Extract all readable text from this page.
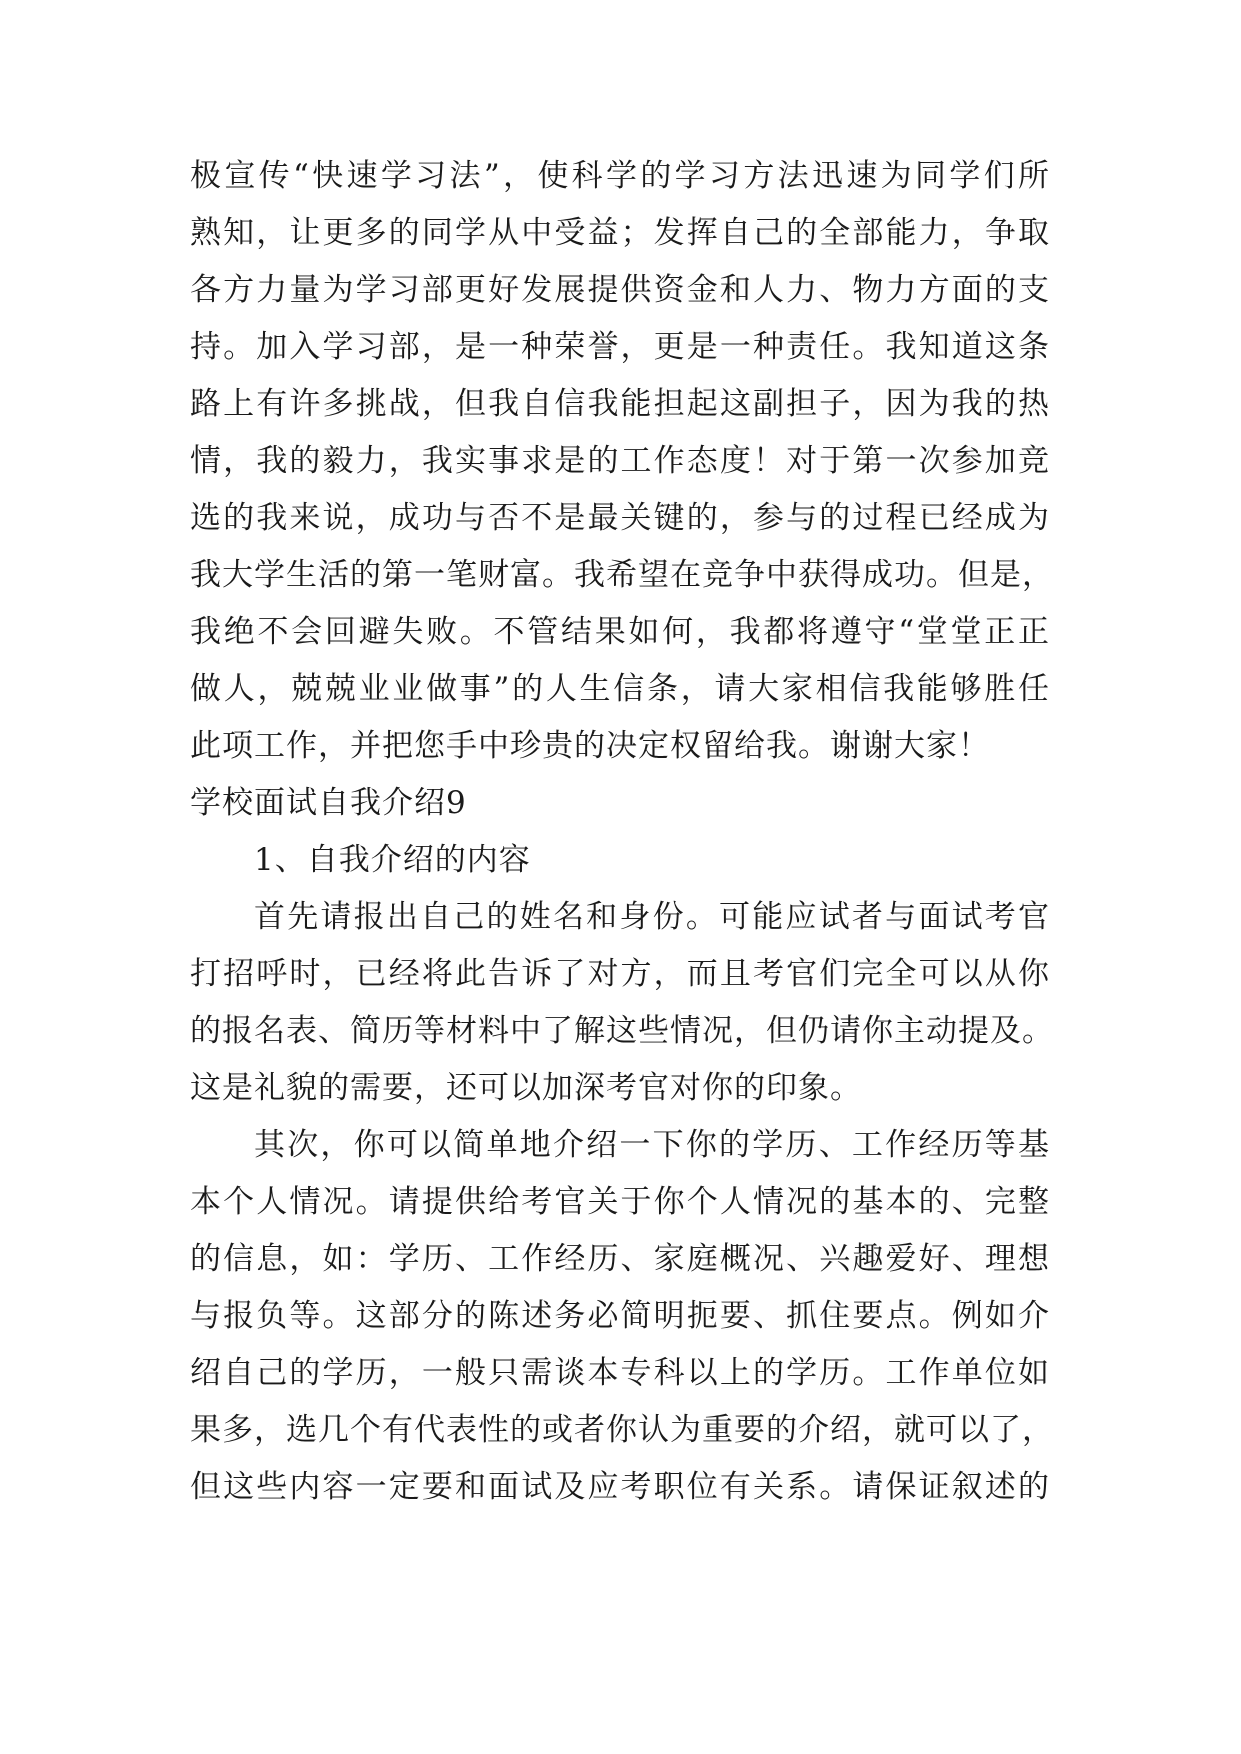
极宣传“快速学习法”，使科学的学习方法迅速为同学们所
熟知，让更多的同学从中受益；发挥自己的全部能力，争取
各方力量为学习部更好发展提供资金和人力、物力方面的支
持。加入学习部，是一种荣誉，更是一种责任。我知道这条
路上有许多挑战，但我自信我能担起这副担子，因为我的热
情，我的毅力，我实事求是的工作态度！对于第一次参加竞
选的我来说，成功与否不是最关键的，参与的过程已经成为
我大学生活的第一笔财富。我希望在竞争中获得成功。但是，
我绝不会回避失败。不管结果如何，我都将遵守“堂堂正正
做人，兢兢业业做事”的人生信条，请大家相信我能够胜任
此项工作，并把您手中珍贵的决定权留给我。谢谢大家！
学校面试自我介绍9
1、自我介绍的内容
首先请报出自己的姓名和身份。可能应试者与面试考官
打招呼时，已经将此告诉了对方，而且考官们完全可以从你
的报名表、简历等材料中了解这些情况，但仍请你主动提及。
这是礼貌的需要，还可以加深考官对你的印象。
其次，你可以简单地介绍一下你的学历、工作经历等基
本个人情况。请提供给考官关于你个人情况的基本的、完整
的信息，如：学历、工作经历、家庭概况、兴趣爱好、理想
与报负等。这部分的陈述务必简明扼要、抓住要点。例如介
绍自己的学历，一般只需谈本专科以上的学历。工作单位如
果多，选几个有代表性的或者你认为重要的介绍，就可以了，
但这些内容一定要和面试及应考职位有关系。请保证叙述的
